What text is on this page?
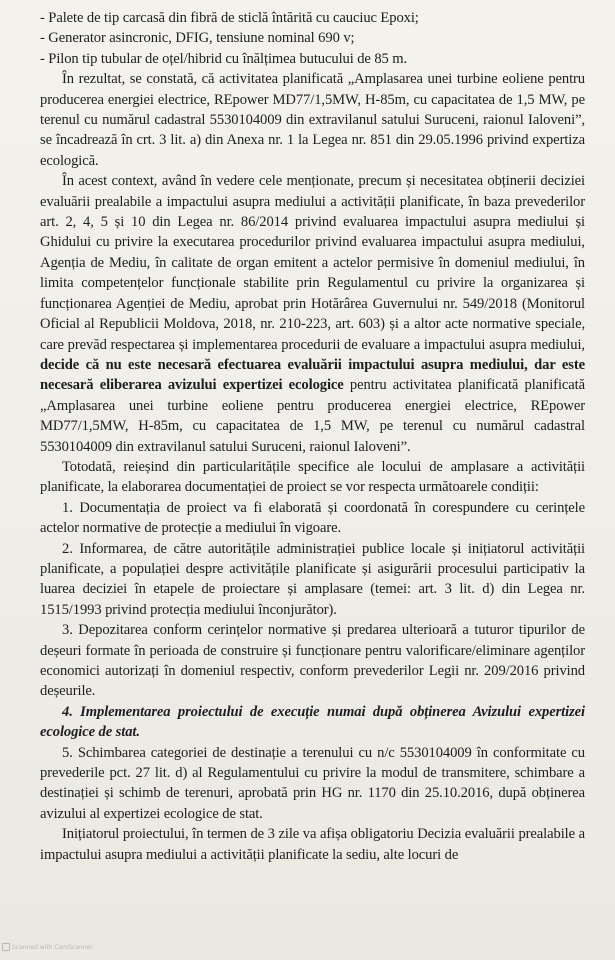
- Palete de tip carcasă din fibră de sticlă întărită cu cauciuc Epoxi;

- Generator asincronic, DFIG, tensiune nominal 690 v;

- Pilon tip tubular de oțel/hibrid cu înălțimea butucului de 85 m.

În rezultat, se constată, că activitatea planificată „Amplasarea unei turbine eoliene pentru producerea energiei electrice, REpower MD77/1,5MW, H-85m, cu capacitatea de 1,5 MW, pe terenul cu numărul cadastral 5530104009 din extravilanul satului Suruceni, raionul Ialoveni”, se încadrează în crt. 3 lit. a) din Anexa nr. 1 la Legea nr. 851 din 29.05.1996 privind expertiza ecologică.

În acest context, având în vedere cele menționate, precum și necesitatea obținerii deciziei evaluării prealabile a impactului asupra mediului a activității planificate, în baza prevederilor art. 2, 4, 5 și 10 din Legea nr. 86/2014 privind evaluarea impactului asupra mediului și Ghidului cu privire la executarea procedurilor privind evaluarea impactului asupra mediului, Agenția de Mediu, în calitate de organ emitent a actelor permisive în domeniul mediului, în limita competențelor funcționale stabilite prin Regulamentul cu privire la organizarea și funcționarea Agenției de Mediu, aprobat prin Hotărârea Guvernului nr. 549/2018 (Monitorul Oficial al Republicii Moldova, 2018, nr. 210-223, art. 603) și a altor acte normative speciale, care prevăd respectarea și implementarea procedurii de evaluare a impactului asupra mediului, decide că nu este necesară efectuarea evaluării impactului asupra mediului, dar este necesară eliberarea avizului expertizei ecologice pentru activitatea planificată planificată „Amplasarea unei turbine eoliene pentru producerea energiei electrice, REpower MD77/1,5MW, H-85m, cu capacitatea de 1,5 MW, pe terenul cu numărul cadastral 5530104009 din extravilanul satului Suruceni, raionul Ialoveni”.

Totodată, reieșind din particularitățile specifice ale locului de amplasare a activității planificate, la elaborarea documentației de proiect se vor respecta următoarele condiții:

1. Documentația de proiect va fi elaborată și coordonată în corespundere cu cerințele actelor normative de protecție a mediului în vigoare.

2. Informarea, de către autoritățile administrației publice locale și inițiatorul activității planificate, a populației despre activitățile planificate și asigurării procesului participativ la luarea deciziei în etapele de proiectare și amplasare (temei: art. 3 lit. d) din Legea nr. 1515/1993 privind protecția mediului înconjurător).

3. Depozitarea conform cerințelor normative și predarea ulterioară a tuturor tipurilor de deșeuri formate în perioada de construire și funcționare pentru valorificare/eliminare agenților economici autorizați în domeniul respectiv, conform prevederilor Legii nr. 209/2016 privind deșeurile.

4. Implementarea proiectului de execuție numai după obținerea Avizului expertizei ecologice de stat.

5. Schimbarea categoriei de destinație a terenului cu n/c 5530104009 în conformitate cu prevederile pct. 27 lit. d) al Regulamentului cu privire la modul de transmitere, schimbare a destinației și schimb de terenuri, aprobată prin HG nr. 1170 din 25.10.2016, după obținerea avizului al expertizei ecologice de stat.

Inițiatorul proiectului, în termen de 3 zile va afișa obligatoriu Decizia evaluării prealabile a impactului asupra mediului a activității planificate la sediu, alte locuri de

Scanned with CamScanner
